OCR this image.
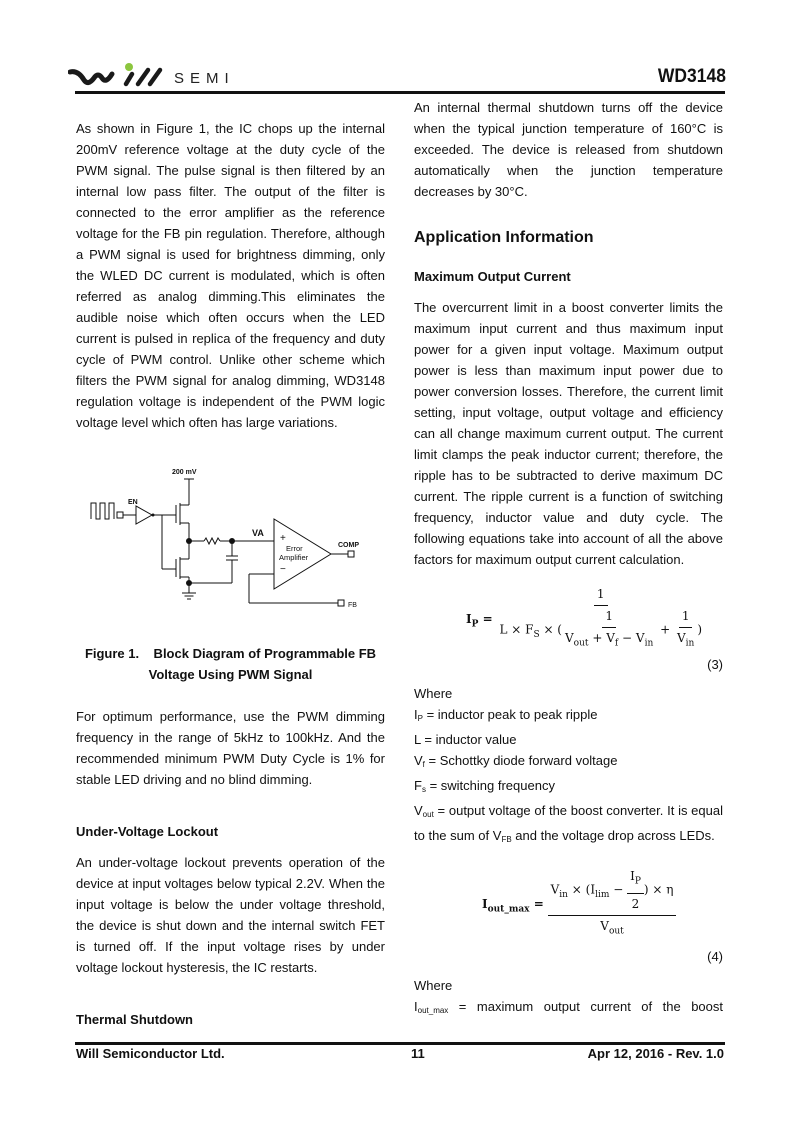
SEMI	WD3148

As shown in Figure 1, the IC chops up the internal 200mV reference voltage at the duty cycle of the PWM signal. The pulse signal is then filtered by an internal low pass filter. The output of the filter is connected to the error amplifier as the reference voltage for the FB pin regulation. Therefore, although a PWM signal is used for brightness dimming, only the WLED DC current is modulated, which is often referred as analog dimming.This eliminates the audible noise which often occurs when the LED current is pulsed in replica of the frequency and duty cycle of PWM control. Unlike other scheme which filters the PWM signal for analog dimming, WD3148 regulation voltage is independent of the PWM logic voltage level which often has large variations.

EN
200 mV
VA +
−
Error
Amplifier
COMP
FB
Figure 1.    Block Diagram of Programmable FB
Voltage Using PWM Signal

For optimum performance, use the PWM dimming frequency in the range of 5kHz to 100kHz. And the recommended minimum PWM Duty Cycle is 1% for stable LED driving and no blind dimming.

Under-Voltage Lockout

An under-voltage lockout prevents operation of the device at input voltages below typical 2.2V. When the input voltage is below the under voltage threshold, the device is shut down and the internal switch FET is turned off. If the input voltage rises by under voltage lockout hysteresis, the IC restarts.

Thermal Shutdown

An internal thermal shutdown turns off the device when the typical junction temperature of 160°C is exceeded. The device is released from shutdown automatically when the junction temperature decreases by 30°C.

Application Information
Maximum Output Current

The overcurrent limit in a boost converter limits the maximum input current and thus maximum input power for a given input voltage. Maximum output power is less than maximum input power due to power conversion losses. Therefore, the current limit setting, input voltage, output voltage and efficiency can all change maximum current output. The current limit clamps the peak inductor current; therefore, the ripple has to be subtracted to derive maximum DC current. The ripple current is a function of switching frequency, inductor value and duty cycle. The following equations take into account of all the above factors for maximum output current calculation.

$I_P = \frac{1}{L \times F_S \times ( \frac{1}{V_{out} + V_f - V_{in}} + \frac{1}{V_{in}} )}$
(3)
Where
$I_P$ = inductor peak to peak ripple
L = inductor value
$V_f$ = Schottky diode forward voltage
$F_s$ = switching frequency

$V_{out}$ = output voltage of the boost converter. It is equal to the sum of $V_{FB}$ and the voltage drop across LEDs.

$I_{out\_max} = \frac{V_{in} \times (I_{lim} - \frac{I_P}{2} ) \times \eta}{V_{out}}$
(4)
Where

$I_{out\_max}$ = maximum output current of the boost

Will Semiconductor Ltd.	11	Apr 12, 2016 - Rev. 1.0
